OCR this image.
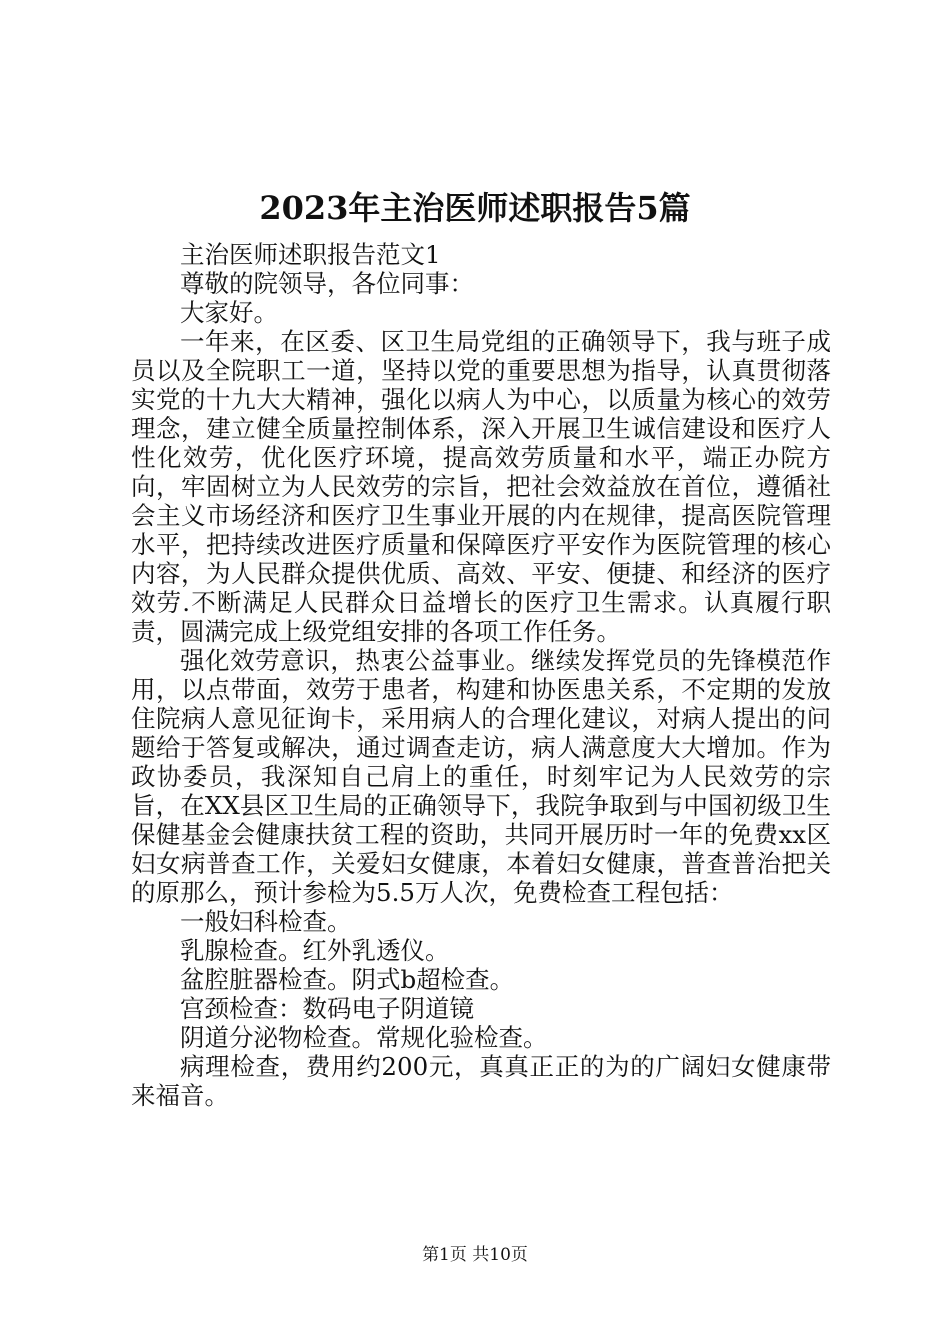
2023年主治医师述职报告5篇

主治医师述职报告范文1

尊敬的院领导，各位同事：

大家好。

一年来，在区委、区卫生局党组的正确领导下，我与班子成员以及全院职工一道，坚持以党的重要思想为指导，认真贯彻落实党的十九大大精神，强化以病人为中心，以质量为核心的效劳理念，建立健全质量控制体系，深入开展卫生诚信建设和医疗人性化效劳，优化医疗环境，提高效劳质量和水平，端正办院方向，牢固树立为人民效劳的宗旨，把社会效益放在首位，遵循社会主义市场经济和医疗卫生事业开展的内在规律，提高医院管理水平，把持续改进医疗质量和保障医疗平安作为医院管理的核心内容，为人民群众提供优质、高效、平安、便捷、和经济的医疗效劳.不断满足人民群众日益增长的医疗卫生需求。认真履行职责，圆满完成上级党组安排的各项工作任务。

强化效劳意识，热衷公益事业。继续发挥党员的先锋模范作用，以点带面，效劳于患者，构建和协医患关系，不定期的发放住院病人意见征询卡，采用病人的合理化建议，对病人提出的问题给于答复或解决，通过调查走访，病人满意度大大增加。作为政协委员，我深知自己肩上的重任，时刻牢记为人民效劳的宗旨，在XX县区卫生局的正确领导下，我院争取到与中国初级卫生保健基金会健康扶贫工程的资助，共同开展历时一年的免费xx区妇女病普查工作，关爱妇女健康，本着妇女健康，普查普治把关的原那么，预计参检为5.5万人次，免费检查工程包括：

一般妇科检查。

乳腺检查。红外乳透仪。

盆腔脏器检查。阴式b超检查。

宫颈检查：数码电子阴道镜

阴道分泌物检查。常规化验检查。

病理检查，费用约200元，真真正正的为的广阔妇女健康带来福音。

第1页 共10页
